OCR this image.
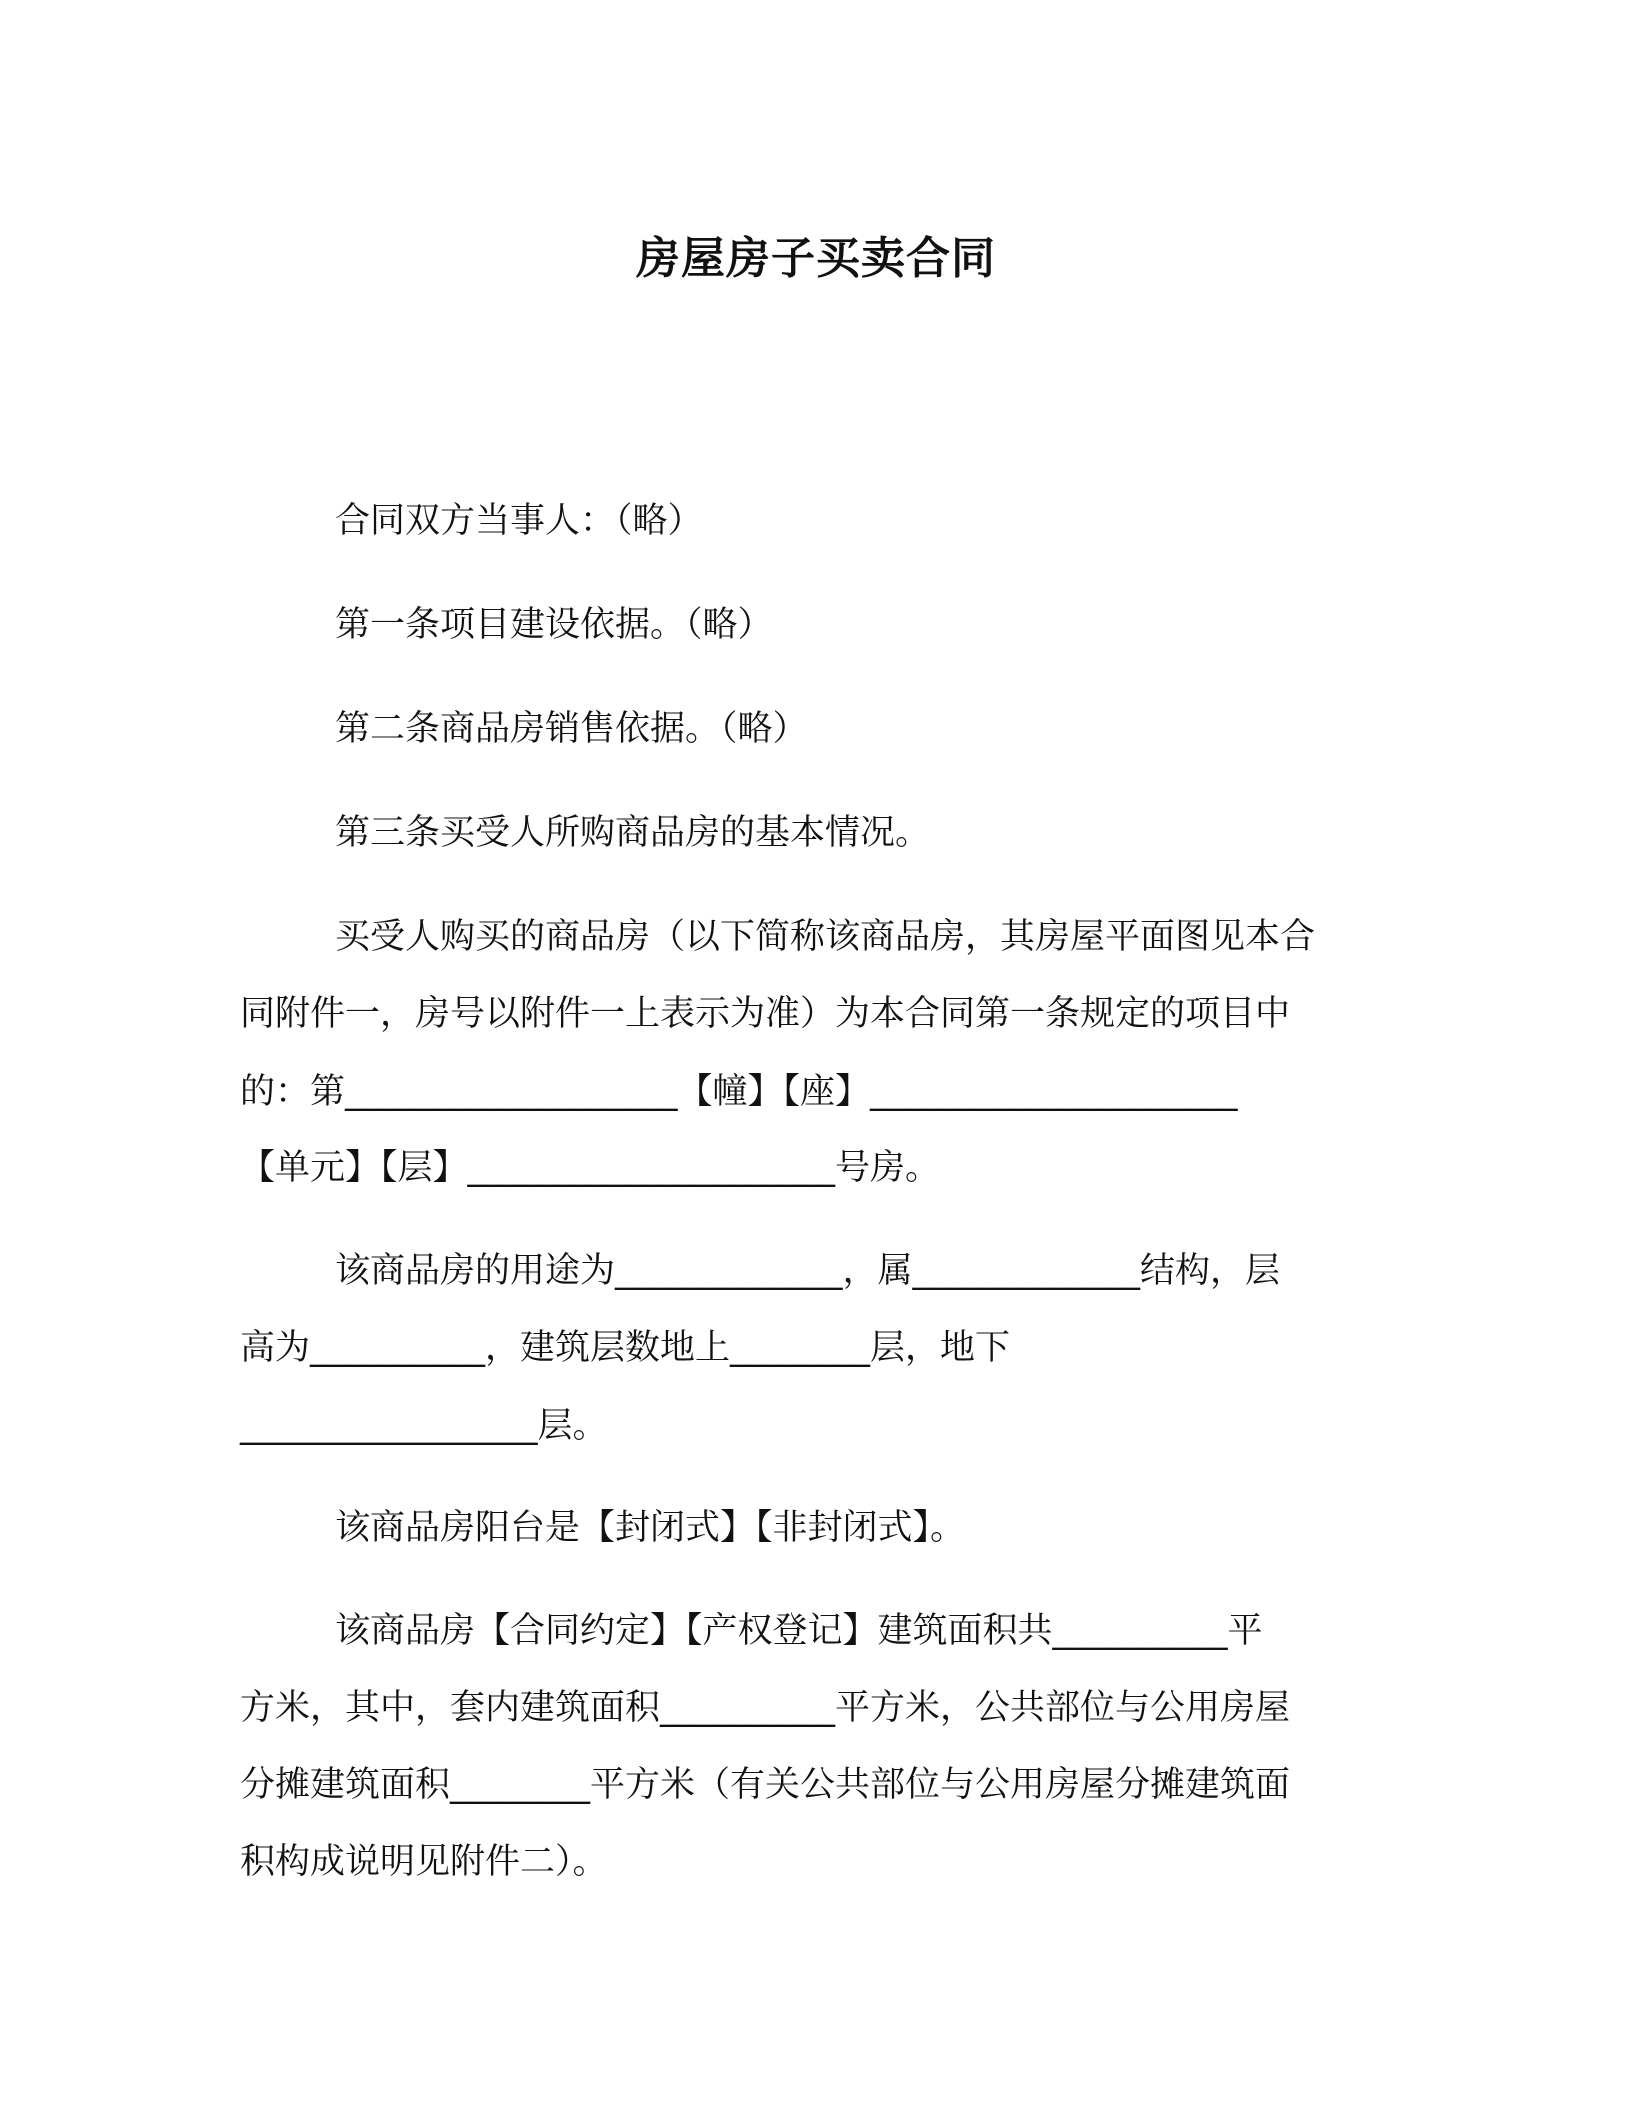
房屋房子买卖合同
合同双方当事人：（略）
第一条项目建设依据。（略）
第二条商品房销售依据。（略）
第三条买受人所购商品房的基本情况。
买受人购买的商品房（以下简称该商品房，其房屋平面图见本合
同附件一，房号以附件一上表示为准）为本合同第一条规定的项目中
的：第___________________【幢】【座】_____________________
【单元】【层】_____________________号房。
该商品房的用途为_____________，属_____________结构，层
高为__________，建筑层数地上________层，地下
_________________层。
该商品房阳台是【封闭式】【非封闭式】。
该商品房【合同约定】【产权登记】建筑面积共__________平
方米，其中，套内建筑面积__________平方米，公共部位与公用房屋
分摊建筑面积________平方米（有关公共部位与公用房屋分摊建筑面
积构成说明见附件二）。
